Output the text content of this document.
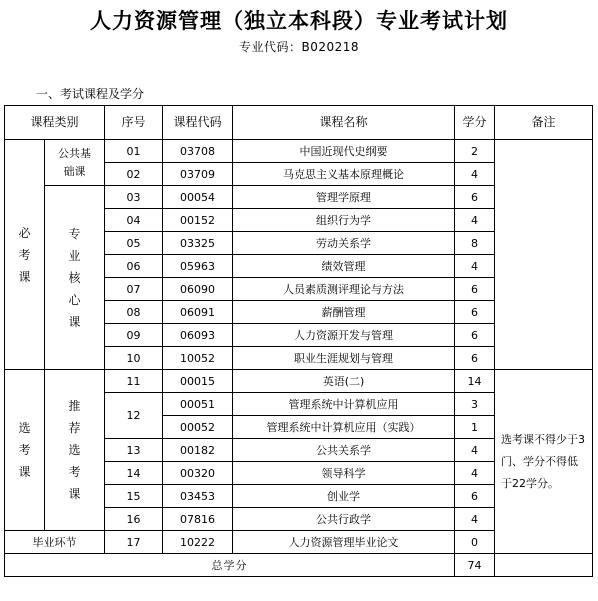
人力资源管理（独立本科段）专业考试计划
专业代码：B020218
一、考试课程及学分
课程类别		序号	课程代码	课程名称	学分	备注
必考课	公共基础课	01	03708	中国近现代史纲要	2	
		02	03709	马克思主义基本原理概论	4	
	专业核心课	03	00054	管理学原理	6	
		04	00152	组织行为学	4	
		05	03325	劳动关系学	8	
		06	05963	绩效管理	4	
		07	06090	人员素质测评理论与方法	6	
		08	06091	薪酬管理	6	
		09	06093	人力资源开发与管理	6	
		10	10052	职业生涯规划与管理	6	
选考课	推荐选考课	11	00015	英语(二)	14	选考课不得少于3门、学分不得低于22学分。

		12	00051	管理系统中计算机应用	3	
			00052	管理系统中计算机应用（实践）	1	
		13	00182	公共关系学	4	
		14	00320	领导科学	4	
		15	03453	创业学	6	
		16	07816	公共行政学	4	
毕业环节		17	10222	人力资源管理毕业论文	0	
总学分					74	
